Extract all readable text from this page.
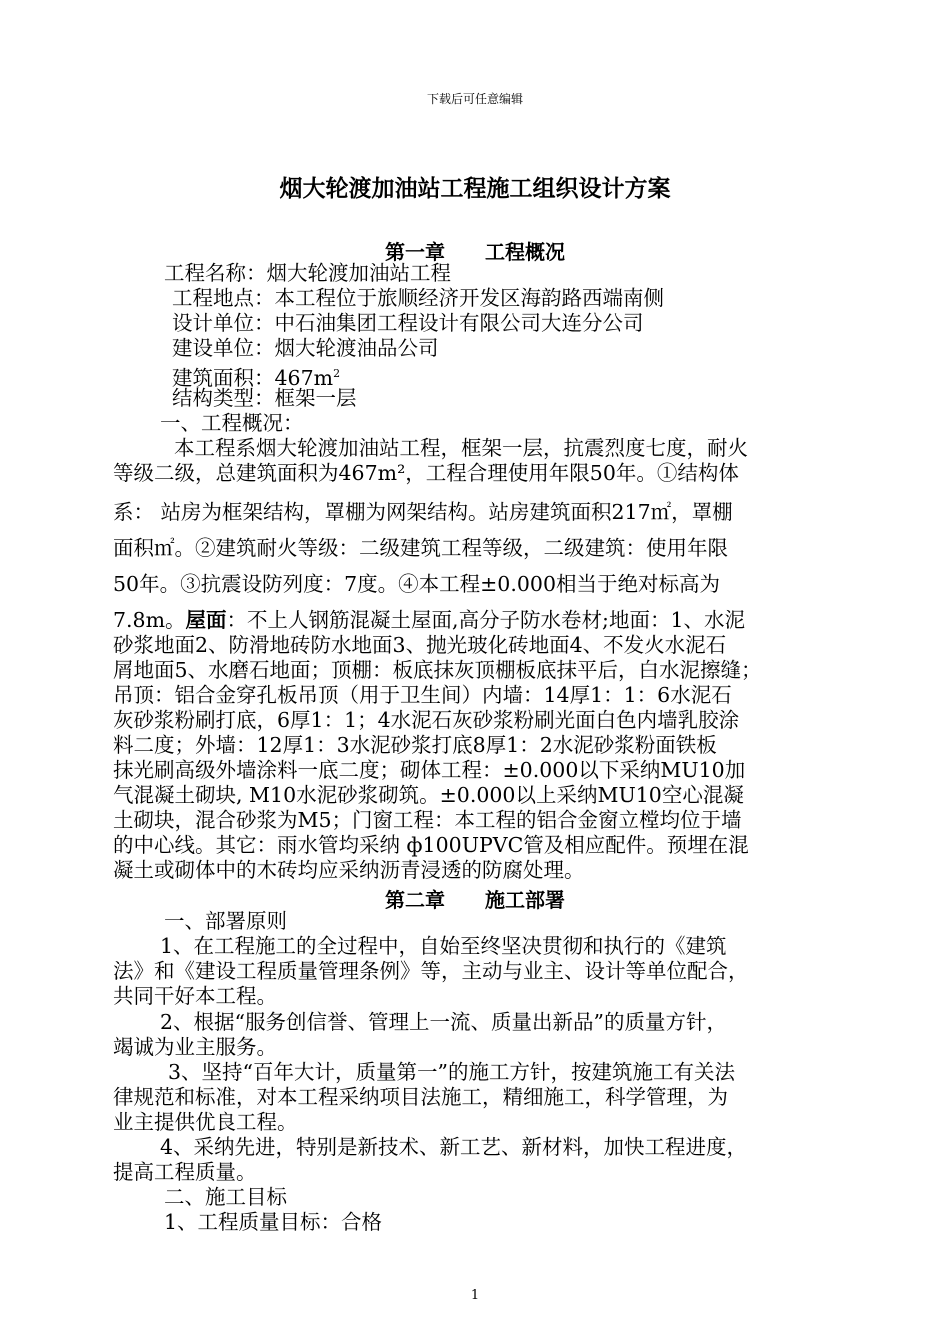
下载后可任意编辑
烟大轮渡加油站工程施工组织设计方案
第一章 工程概况
工程名称：烟大轮渡加油站工程
工程地点：本工程位于旅顺经济开发区海韵路西端南侧
设计单位：中石油集团工程设计有限公司大连分公司
建设单位：烟大轮渡油品公司
建筑面积：$467m^2$
结构类型：框架一层
一、工程概况：
本工程系烟大轮渡加油站工程，框架一层，抗震烈度七度，耐火
等级二级，总建筑面积为467m²，工程合理使用年限50年。①结构体
系： 站房为框架结构，罩棚为网架结构。站房建筑面积217㎡，罩棚
面积㎡。②建筑耐火等级：二级建筑工程等级，二级建筑：使用年限
50年。③抗震设防列度：7度。④本工程±0.000相当于绝对标高为
7.8m。屋面：不上人钢筋混凝土屋面,高分子防水卷材;地面：1、水泥
砂浆地面2、防滑地砖防水地面3、抛光玻化砖地面4、不发火水泥石
屑地面5、水磨石地面；顶棚：板底抹灰顶棚板底抹平后，白水泥擦缝；
吊顶：铝合金穿孔板吊顶（用于卫生间）内墙：14厚1：1：6水泥石
灰砂浆粉刷打底，6厚1：1；4水泥石灰砂浆粉刷光面白色内墙乳胶涂
料二度；外墙：12厚1：3水泥砂浆打底8厚1：2水泥砂浆粉面铁板
抹光刷高级外墙涂料一底二度；砌体工程：±0.000以下采纳MU10加
气混凝土砌块, M10水泥砂浆砌筑。±0.000以上采纳MU10空心混凝
土砌块，混合砂浆为M5；门窗工程：本工程的铝合金窗立樘均位于墙
的中心线。其它：雨水管均采纳 ф100UPVC管及相应配件。预埋在混
凝土或砌体中的木砖均应采纳沥青浸透的防腐处理。
第二章 施工部署
一、部署原则
1、在工程施工的全过程中，自始至终坚决贯彻和执行的《建筑
法》和《建设工程质量管理条例》等，主动与业主、设计等单位配合，
共同干好本工程。
2、根据“服务创信誉、管理上一流、质量出新品”的质量方针，
竭诚为业主服务。
3、坚持“百年大计，质量第一”的施工方针，按建筑施工有关法
律规范和标准，对本工程采纳项目法施工，精细施工，科学管理，为
业主提供优良工程。
4、采纳先进，特别是新技术、新工艺、新材料，加快工程进度，
提高工程质量。
二、施工目标
1、工程质量目标：合格
1
